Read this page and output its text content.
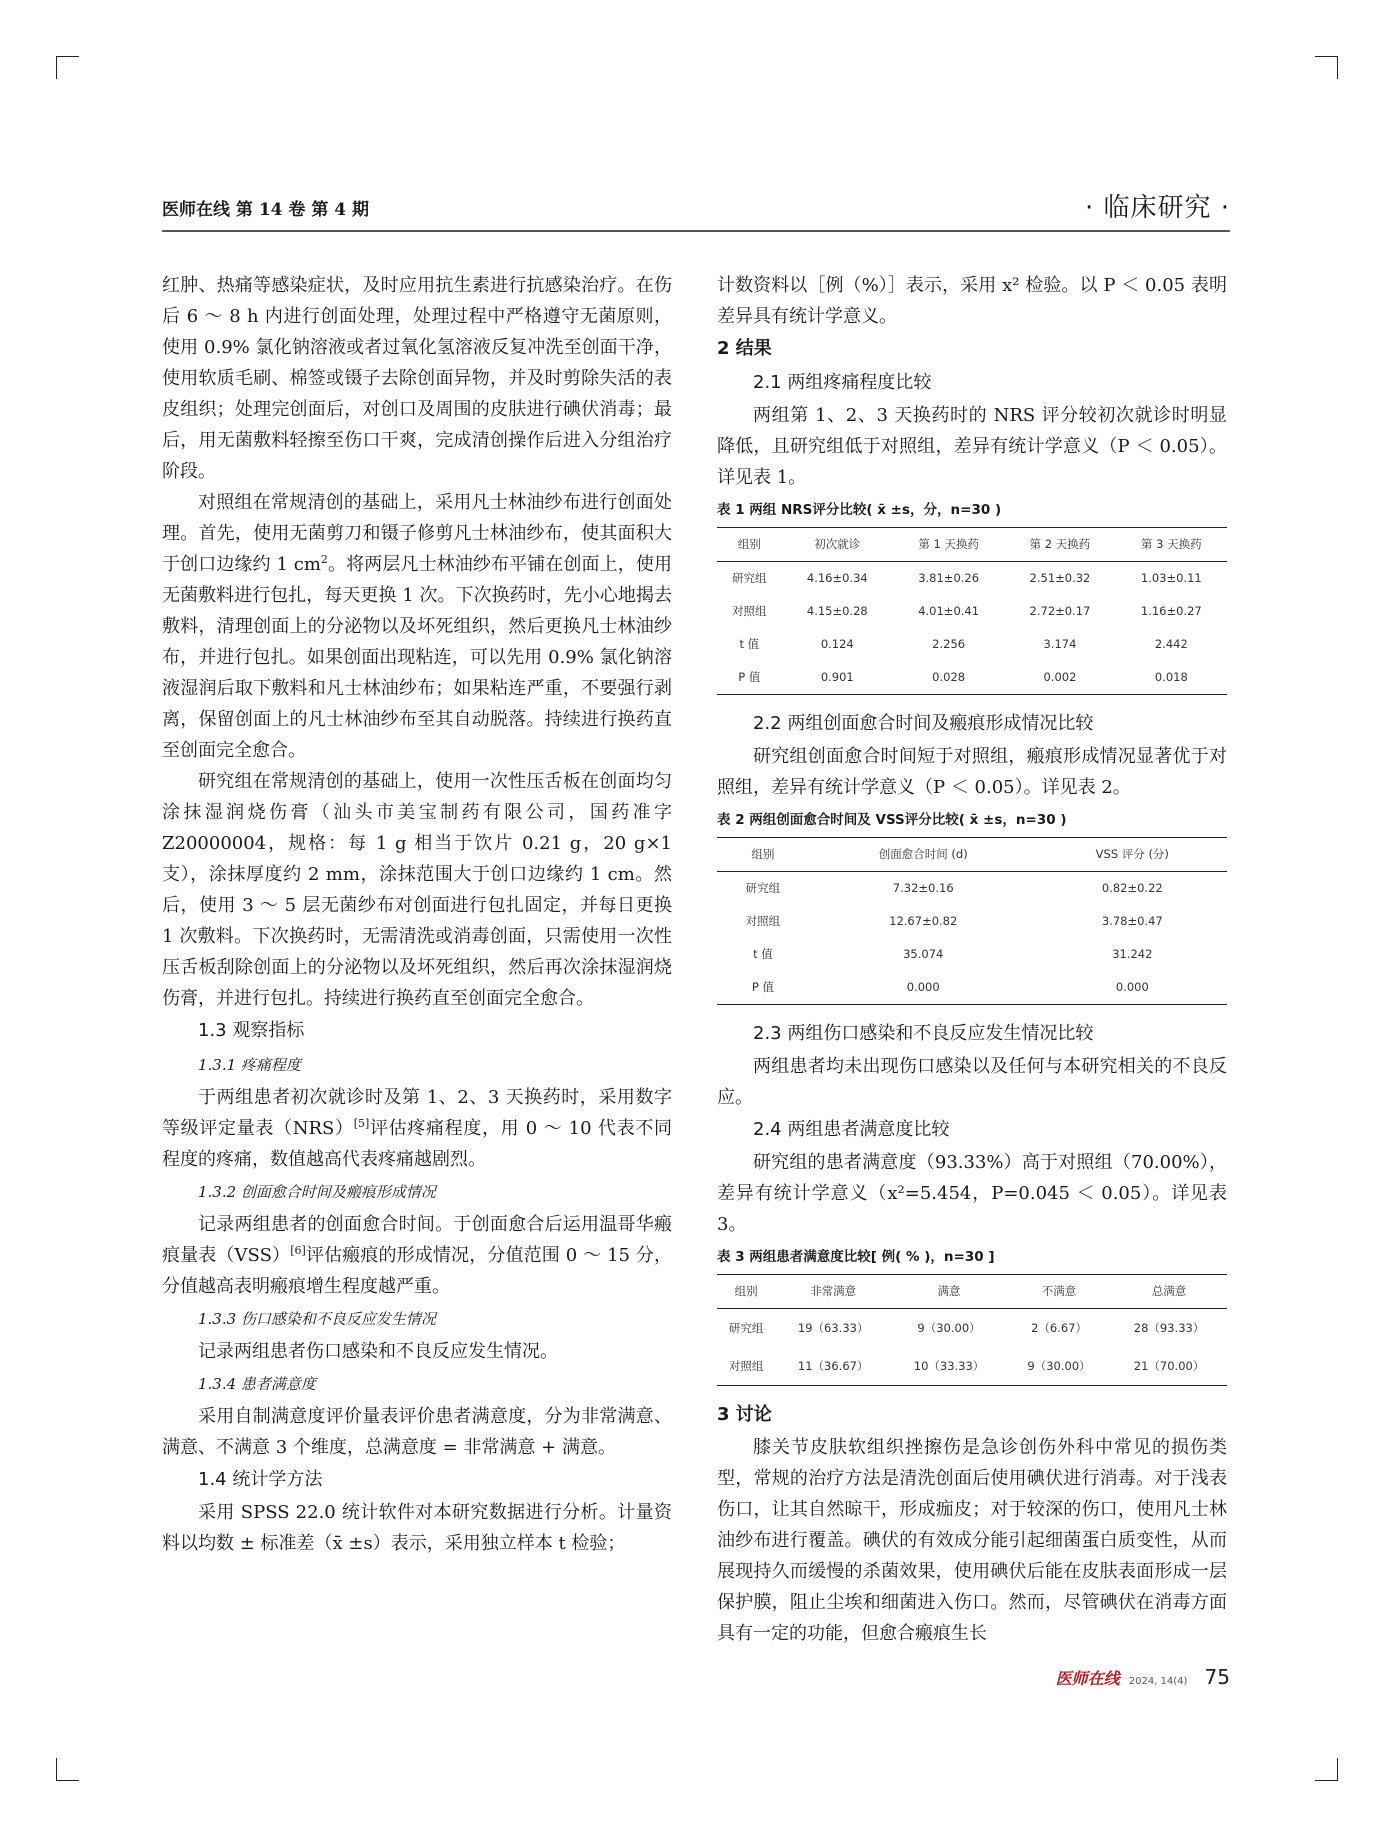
医师在线 第 14 卷 第 4 期	· 临床研究 ·

红肿、热痛等感染症状，及时应用抗生素进行抗感染治疗。在伤后 6 ～ 8 h 内进行创面处理，处理过程中严格遵守无菌原则，使用 0.9% 氯化钠溶液或者过氧化氢溶液反复冲洗至创面干净，使用软质毛刷、棉签或镊子去除创面异物，并及时剪除失活的表皮组织；处理完创面后，对创口及周围的皮肤进行碘伏消毒；最后，用无菌敷料轻擦至伤口干爽，完成清创操作后进入分组治疗阶段。

对照组在常规清创的基础上，采用凡士林油纱布进行创面处理。首先，使用无菌剪刀和镊子修剪凡士林油纱布，使其面积大于创口边缘约 1 $cm^2$。将两层凡士林油纱布平铺在创面上，使用无菌敷料进行包扎，每天更换 1 次。下次换药时，先小心地揭去敷料，清理创面上的分泌物以及坏死组织，然后更换凡士林油纱布，并进行包扎。如果创面出现粘连，可以先用 0.9% 氯化钠溶液湿润后取下敷料和凡士林油纱布；如果粘连严重，不要强行剥离，保留创面上的凡士林油纱布至其自动脱落。持续进行换药直至创面完全愈合。

研究组在常规清创的基础上，使用一次性压舌板在创面均匀涂抹湿润烧伤膏（汕头市美宝制药有限公司，国药准字 Z20000004，规格：每 1 g 相当于饮片 0.21 g，20 g×1 支），涂抹厚度约 2 mm，涂抹范围大于创口边缘约 1 cm。然后，使用 3 ～ 5 层无菌纱布对创面进行包扎固定，并每日更换 1 次敷料。下次换药时，无需清洗或消毒创面，只需使用一次性压舌板刮除创面上的分泌物以及坏死组织，然后再次涂抹湿润烧伤膏，并进行包扎。持续进行换药直至创面完全愈合。

1.3 观察指标
1.3.1 疼痛程度

于两组患者初次就诊时及第 1、2、3 天换药时，采用数字等级评定量表（NRS）[5]评估疼痛程度，用 0 ～ 10 代表不同程度的疼痛，数值越高代表疼痛越剧烈。

1.3.2 创面愈合时间及瘢痕形成情况

记录两组患者的创面愈合时间。于创面愈合后运用温哥华瘢痕量表（VSS）[6]评估瘢痕的形成情况，分值范围 0 ～ 15 分，分值越高表明瘢痕增生程度越严重。

1.3.3 伤口感染和不良反应发生情况

记录两组患者伤口感染和不良反应发生情况。

1.3.4 患者满意度

采用自制满意度评价量表评价患者满意度，分为非常满意、满意、不满意 3 个维度，总满意度 = 非常满意 + 满意。

1.4 统计学方法

采用 SPSS 22.0 统计软件对本研究数据进行分析。计量资料以均数 ± 标准差（x̄ ±s）表示，采用独立样本 t 检验；

计数资料以［例（%）］表示，采用 x² 检验。以 P ＜ 0.05 表明差异具有统计学意义。

2 结果
2.1 两组疼痛程度比较

两组第 1、2、3 天换药时的 NRS 评分较初次就诊时明显降低，且研究组低于对照组，差异有统计学意义（P ＜ 0.05）。详见表 1。

表 1 两组 NRS评分比较( x̄ ±s，分，n=30 )
组别	初次就诊	第 1 天换药	第 2 天换药	第 3 天换药
研究组	4.16±0.34	3.81±0.26	2.51±0.32	1.03±0.11
对照组	4.15±0.28	4.01±0.41	2.72±0.17	1.16±0.27
t 值	0.124	2.256	3.174	2.442
P 值	0.901	0.028	0.002	0.018
2.2 两组创面愈合时间及瘢痕形成情况比较

研究组创面愈合时间短于对照组，瘢痕形成情况显著优于对照组，差异有统计学意义（P ＜ 0.05）。详见表 2。

表 2 两组创面愈合时间及 VSS评分比较( x̄ ±s，n=30 )
组别	创面愈合时间 (d)	VSS 评分 (分)
研究组	7.32±0.16	0.82±0.22
对照组	12.67±0.82	3.78±0.47
t 值	35.074	31.242
P 值	0.000	0.000
2.3 两组伤口感染和不良反应发生情况比较

两组患者均未出现伤口感染以及任何与本研究相关的不良反应。

2.4 两组患者满意度比较

研究组的患者满意度（93.33%）高于对照组（70.00%），差异有统计学意义（x²=5.454，P=0.045 ＜ 0.05）。详见表3。

表 3 两组患者满意度比较[ 例( % )，n=30 ]
组别	非常满意	满意	不满意	总满意
研究组	19（63.33）	9（30.00）	2（6.67）	28（93.33）
对照组	11（36.67）	10（33.33）	9（30.00）	21（70.00）
3 讨论

膝关节皮肤软组织挫擦伤是急诊创伤外科中常见的损伤类型，常规的治疗方法是清洗创面后使用碘伏进行消毒。对于浅表伤口，让其自然晾干，形成痂皮；对于较深的伤口，使用凡士林油纱布进行覆盖。碘伏的有效成分能引起细菌蛋白质变性，从而展现持久而缓慢的杀菌效果，使用碘伏后能在皮肤表面形成一层保护膜，阻止尘埃和细菌进入伤口。然而，尽管碘伏在消毒方面具有一定的功能，但愈合瘢痕生长

医师在线 2024, 14(4) 75
